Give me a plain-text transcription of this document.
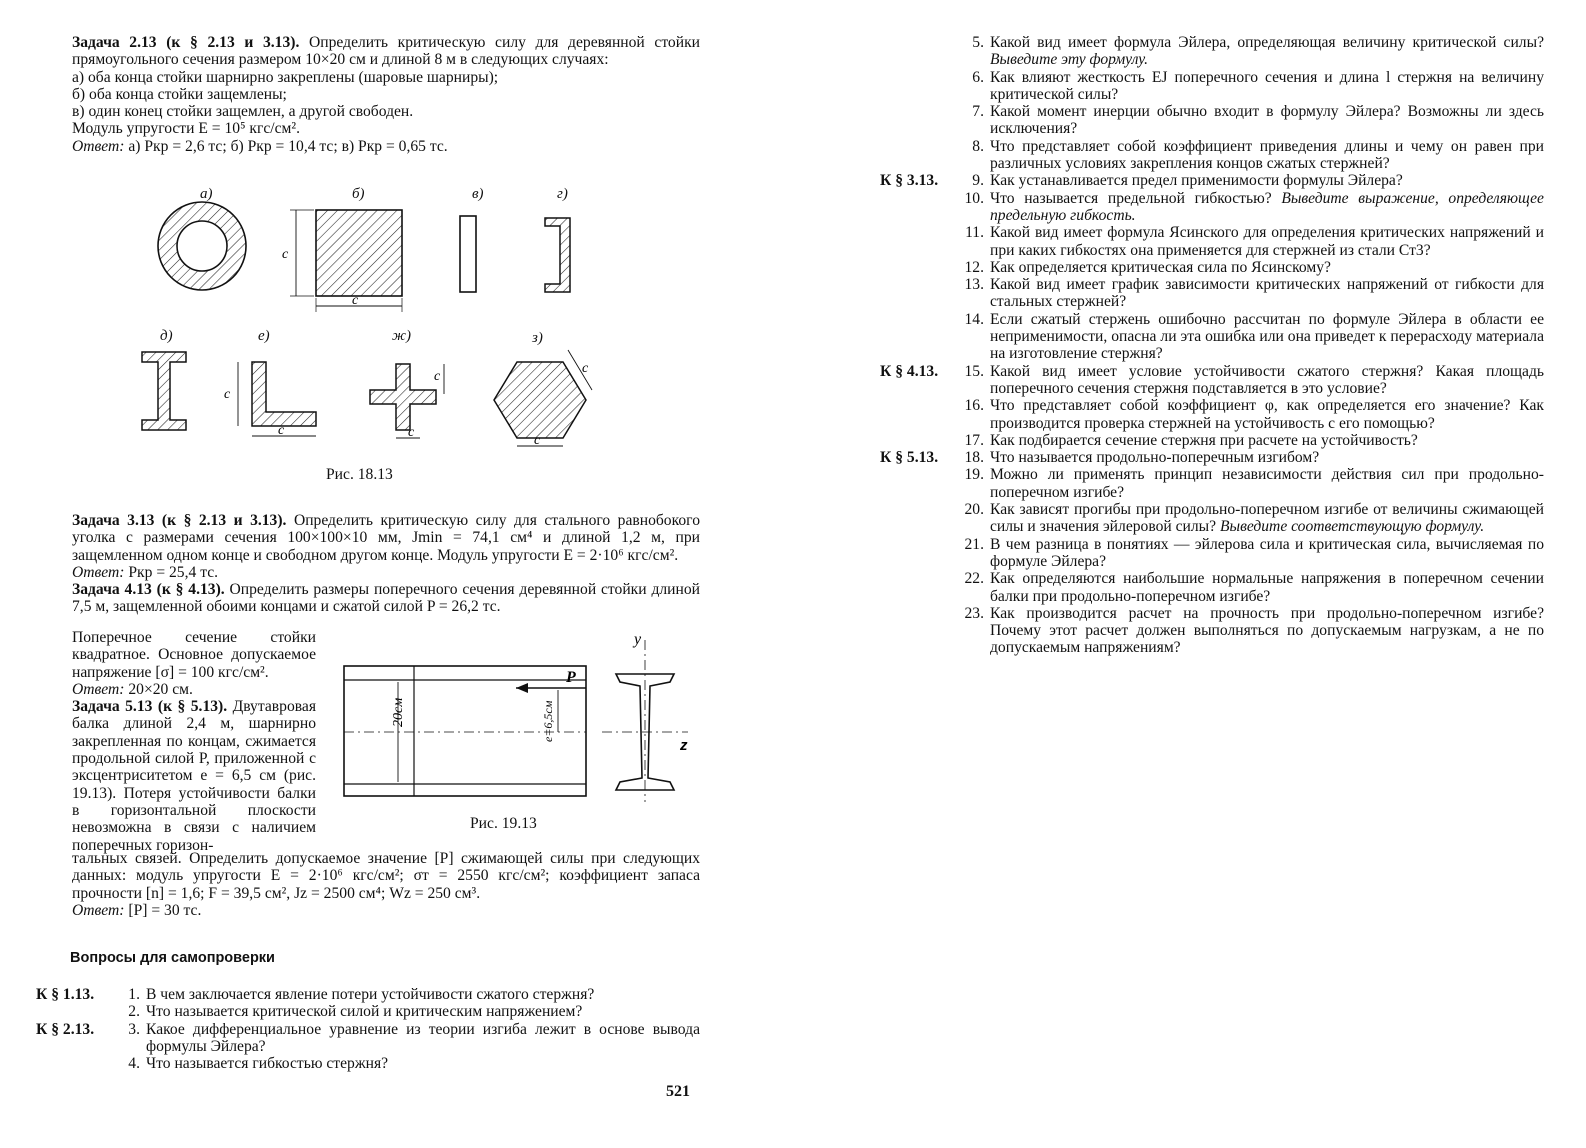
Задача 2.13 (к § 2.13 и 3.13). Определить критическую силу для деревянной стойки прямоугольного сечения размером 10×20 см и длиной 8 м в следующих случаях:

а) оба конца стойки шарнирно закреплены (шаровые шарниры);

б) оба конца стойки защемлены;

в) один конец стойки защемлен, а другой свободен.

Модуль упругости E = 10⁵ кгс/см².

Ответ: а) Pкр = 2,6 тс; б) Pкр = 10,4 тс; в) Pкр = 0,65 тс.

а)	б)	в)	г)
д)	е)	ж)	з)
с
с
с
с
с
с
с
с
Рис. 18.13

Задача 3.13 (к § 2.13 и 3.13). Определить критическую силу для стального равнобокого уголка с размерами сечения 100×100×10 мм, Jmin = 74,1 см⁴ и длиной 1,2 м, при защемленном одном конце и свободном другом конце. Модуль упругости E = 2·10⁶ кгс/см².

Ответ: Pкр = 25,4 тс.

Задача 4.13 (к § 4.13). Определить размеры поперечного сечения деревянной стойки длиной 7,5 м, защемленной обоими концами и сжатой силой P = 26,2 тс.

Поперечное сечение стойки квадратное. Основное допускаемое напряжение [σ] = 100 кгс/см².

Ответ: 20×20 см.

Задача 5.13 (к § 5.13). Двутавровая балка длиной 2,4 м, шарнирно закрепленная по концам, сжимается продольной силой P, приложенной с эксцентриситетом e = 6,5 см (рис. 19.13). Потеря устойчивости балки в горизонтальной плоскости невозможна в связи с наличием поперечных горизон-

20см
P
е=6,5см
y
z
Рис. 19.13

тальных связей. Определить допускаемое значение [P] сжимающей силы при следующих данных: модуль упругости E = 2·10⁶ кгс/см²; σт = 2550 кгс/см²; коэффициент запаса прочности [n] = 1,6; F = 39,5 см², Jz = 2500 см⁴; Wz = 250 см³.

Ответ: [P] = 30 тс.

Вопросы для самопроверки
К § 1.13.	1. В чем заключается явление потери устойчивости сжатого стержня?
2. Что называется критической силой и критическим напряжением?
К § 2.13.	3. Какое дифференциальное уравнение из теории изгиба лежит в основе вывода формулы Эйлера?
4. Что называется гибкостью стержня?
521
5. Какой вид имеет формула Эйлера, определяющая величину критической силы? Выведите эту формулу.
6. Как влияют жесткость EJ поперечного сечения и длина l стержня на величину критической силы?
7. Какой момент инерции обычно входит в формулу Эйлера? Возможны ли здесь исключения?
8. Что представляет собой коэффициент приведения длины и чему он равен при различных условиях закрепления концов сжатых стержней?
К § 3.13.	9. Как устанавливается предел применимости формулы Эйлера?
10. Что называется предельной гибкостью? Выведите выражение, определяющее предельную гибкость.
11. Какой вид имеет формула Ясинского для определения критических напряжений и при каких гибкостях она применяется для стержней из стали Ст3?
12. Как определяется критическая сила по Ясинскому?
13. Какой вид имеет график зависимости критических напряжений от гибкости для стальных стержней?
14. Если сжатый стержень ошибочно рассчитан по формуле Эйлера в области ее неприменимости, опасна ли эта ошибка или она приведет к перерасходу материала на изготовление стержня?
К § 4.13.	15. Какой вид имеет условие устойчивости сжатого стержня? Какая площадь поперечного сечения стержня подставляется в это условие?
16. Что представляет собой коэффициент φ, как определяется его значение? Как производится проверка стержней на устойчивость с его помощью?
17. Как подбирается сечение стержня при расчете на устойчивость?
К § 5.13.	18. Что называется продольно-поперечным изгибом?
19. Можно ли применять принцип независимости действия сил при продольно-поперечном изгибе?
20. Как зависят прогибы при продольно-поперечном изгибе от величины сжимающей силы и значения эйлеровой силы? Выведите соответствующую формулу.
21. В чем разница в понятиях — эйлерова сила и критическая сила, вычисляемая по формуле Эйлера?
22. Как определяются наибольшие нормальные напряжения в поперечном сечении балки при продольно-поперечном изгибе?
23. Как производится расчет на прочность при продольно-поперечном изгибе? Почему этот расчет должен выполняться по допускаемым нагрузкам, а не по допускаемым напряжениям?
